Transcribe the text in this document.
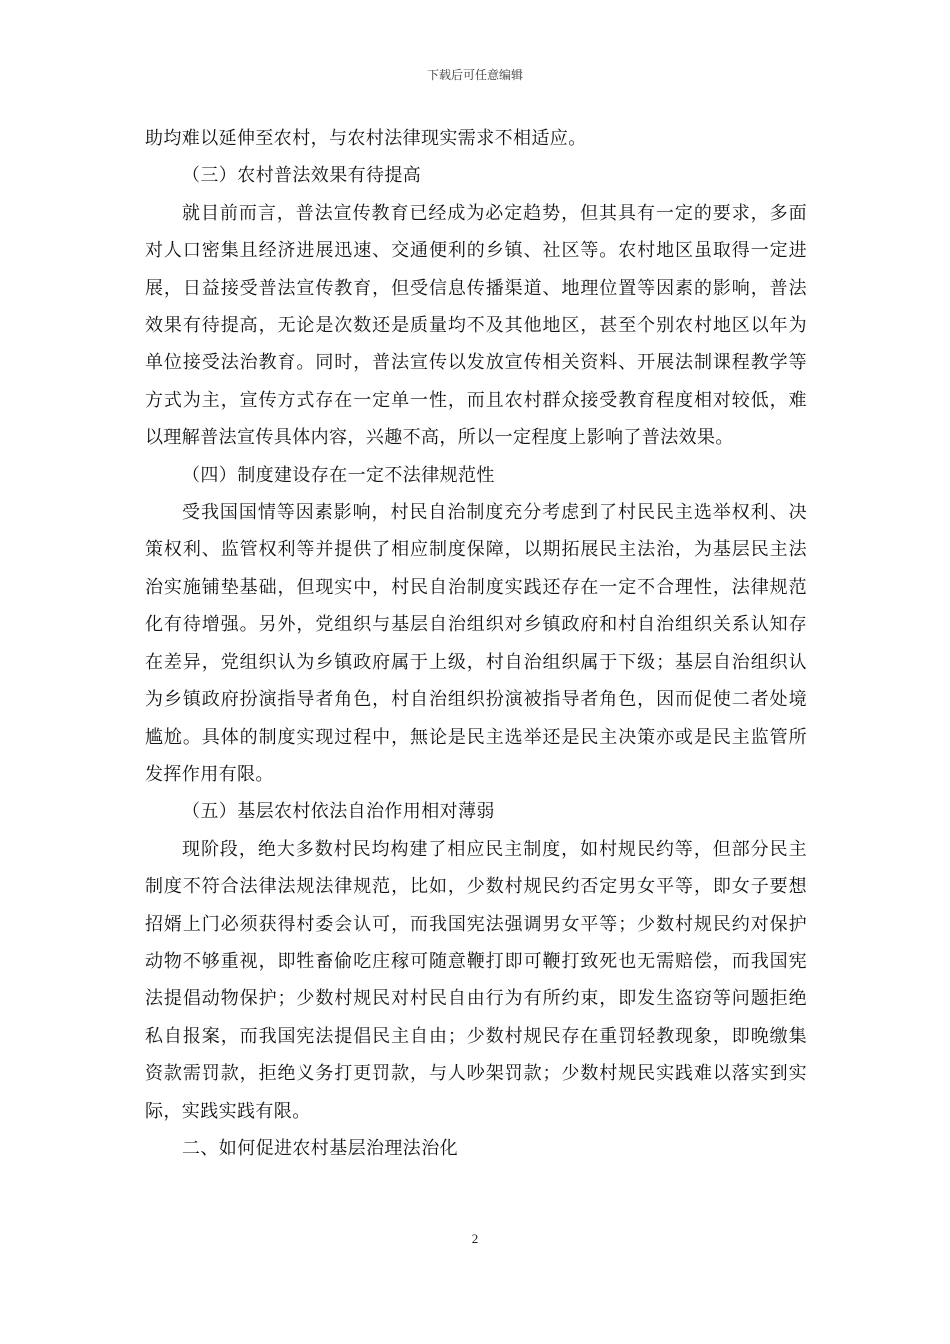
下载后可任意编辑

助均难以延伸至农村，与农村法律现实需求不相适应。

（三）农村普法效果有待提高

就目前而言，普法宣传教育已经成为必定趋势，但其具有一定的要求，多面对人口密集且经济进展迅速、交通便利的乡镇、社区等。农村地区虽取得一定进展，日益接受普法宣传教育，但受信息传播渠道、地理位置等因素的影响，普法效果有待提高，无论是次数还是质量均不及其他地区，甚至个别农村地区以年为单位接受法治教育。同时，普法宣传以发放宣传相关资料、开展法制课程教学等方式为主，宣传方式存在一定单一性，而且农村群众接受教育程度相对较低，难以理解普法宣传具体内容，兴趣不高，所以一定程度上影响了普法效果。

（四）制度建设存在一定不法律规范性

受我国国情等因素影响，村民自治制度充分考虑到了村民民主选举权利、决策权利、监管权利等并提供了相应制度保障，以期拓展民主法治，为基层民主法治实施铺垫基础，但现实中，村民自治制度实践还存在一定不合理性，法律规范化有待增强。另外，党组织与基层自治组织对乡镇政府和村自治组织关系认知存在差异，党组织认为乡镇政府属于上级，村自治组织属于下级；基层自治组织认为乡镇政府扮演指导者角色，村自治组织扮演被指导者角色，因而促使二者处境尴尬。具体的制度实现过程中，無论是民主选举还是民主决策亦或是民主监管所发挥作用有限。

（五）基层农村依法自治作用相对薄弱

现阶段，绝大多数村民均构建了相应民主制度，如村规民约等，但部分民主制度不符合法律法规法律规范，比如，少数村规民约否定男女平等，即女子要想招婿上门必须获得村委会认可，而我国宪法强调男女平等；少数村规民约对保护动物不够重视，即牲畜偷吃庄稼可随意鞭打即可鞭打致死也无需赔偿，而我国宪法提倡动物保护；少数村规民对村民自由行为有所约束，即发生盗窃等问题拒绝私自报案，而我国宪法提倡民主自由；少数村规民存在重罚轻教现象，即晚缴集资款需罚款，拒绝义务打更罚款，与人吵架罚款；少数村规民实践难以落实到实际，实践实践有限。

二、如何促进农村基层治理法治化

2
